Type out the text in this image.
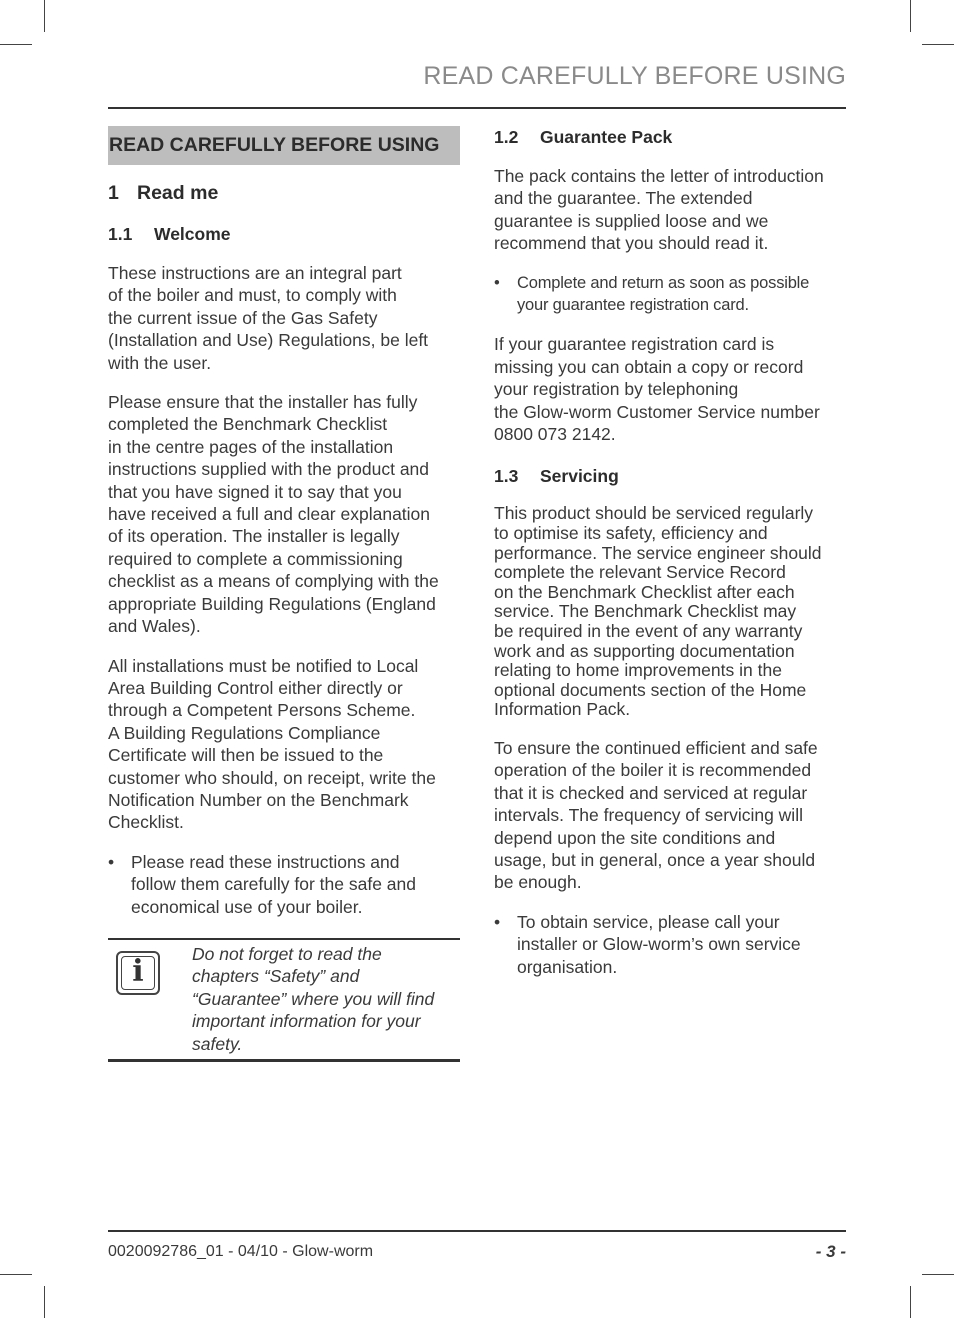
READ CAREFULLY BEFORE USING
READ CAREFULLY BEFORE USING
1 Read me
1.1 Welcome

These instructions are an integral part
of the boiler and must, to comply with
the current issue of the Gas Safety
(Installation and Use) Regulations, be left
with the user.

Please ensure that the installer has fully
completed the Benchmark Checklist
in the centre pages of the installation
instructions supplied with the product and
that you have signed it to say that you
have received a full and clear explanation
of its operation. The installer is legally
required to complete a commissioning
checklist as a means of complying with the
appropriate Building Regulations (England
and Wales).

All installations must be notified to Local
Area Building Control either directly or
through a Competent Persons Scheme.
A Building Regulations Compliance
Certificate will then be issued to the
customer who should, on receipt, write the
Notification Number on the Benchmark
Checklist.

• Please read these instructions and
follow them carefully for the safe and
economical use of your boiler.
i	Do not forget to read the
chapters “Safety” and
“Guarantee” where you will find
important information for your
safety.
1.2 Guarantee Pack

The pack contains the letter of introduction
and the guarantee. The extended
guarantee is supplied loose and we
recommend that you should read it.

• Complete and return as soon as possible
your guarantee registration card.

If your guarantee registration card is
missing you can obtain a copy or record
your registration by telephoning
the Glow-worm Customer Service number
0800 073 2142.

1.3 Servicing

This product should be serviced regularly
to optimise its safety, efficiency and
performance. The service engineer should
complete the relevant Service Record
on the Benchmark Checklist after each
service. The Benchmark Checklist may
be required in the event of any warranty
work and as supporting documentation
relating to home improvements in the
optional documents section of the Home
Information Pack.

To ensure the continued efficient and safe
operation of the boiler it is recommended
that it is checked and serviced at regular
intervals. The frequency of servicing will
depend upon the site conditions and
usage, but in general, once a year should
be enough.

• To obtain service, please call your
installer or Glow-worm’s own service
organisation.
0020092786_01 - 04/10 - Glow-worm	- 3 -
